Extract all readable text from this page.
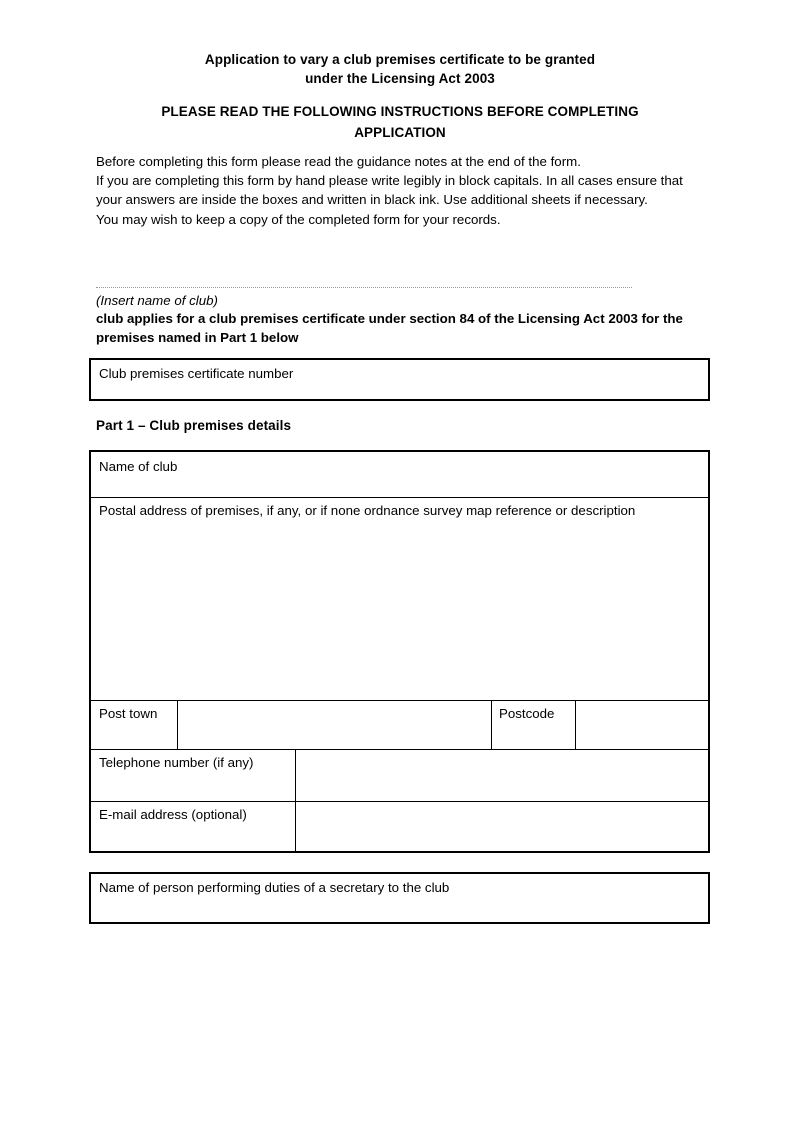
Application to vary a club premises certificate to be granted
under the Licensing Act 2003
PLEASE READ THE FOLLOWING INSTRUCTIONS BEFORE COMPLETING
APPLICATION

Before completing this form please read the guidance notes at the end of the form.

If you are completing this form by hand please write legibly in block capitals. In all cases ensure that your answers are inside the boxes and written in black ink. Use additional sheets if necessary.

You may wish to keep a copy of the completed form for your records.

(Insert name of club)
club applies for a club premises certificate under section 84 of the Licensing Act 2003 for the premises named in Part 1 below
Club premises certificate number
Part 1 – Club premises details
Name of club
Postal address of premises, if any, or if none ordnance survey map reference or description
Post town	Postcode
Telephone number (if any)
E-mail address (optional)
Name of person performing duties of a secretary to the club
